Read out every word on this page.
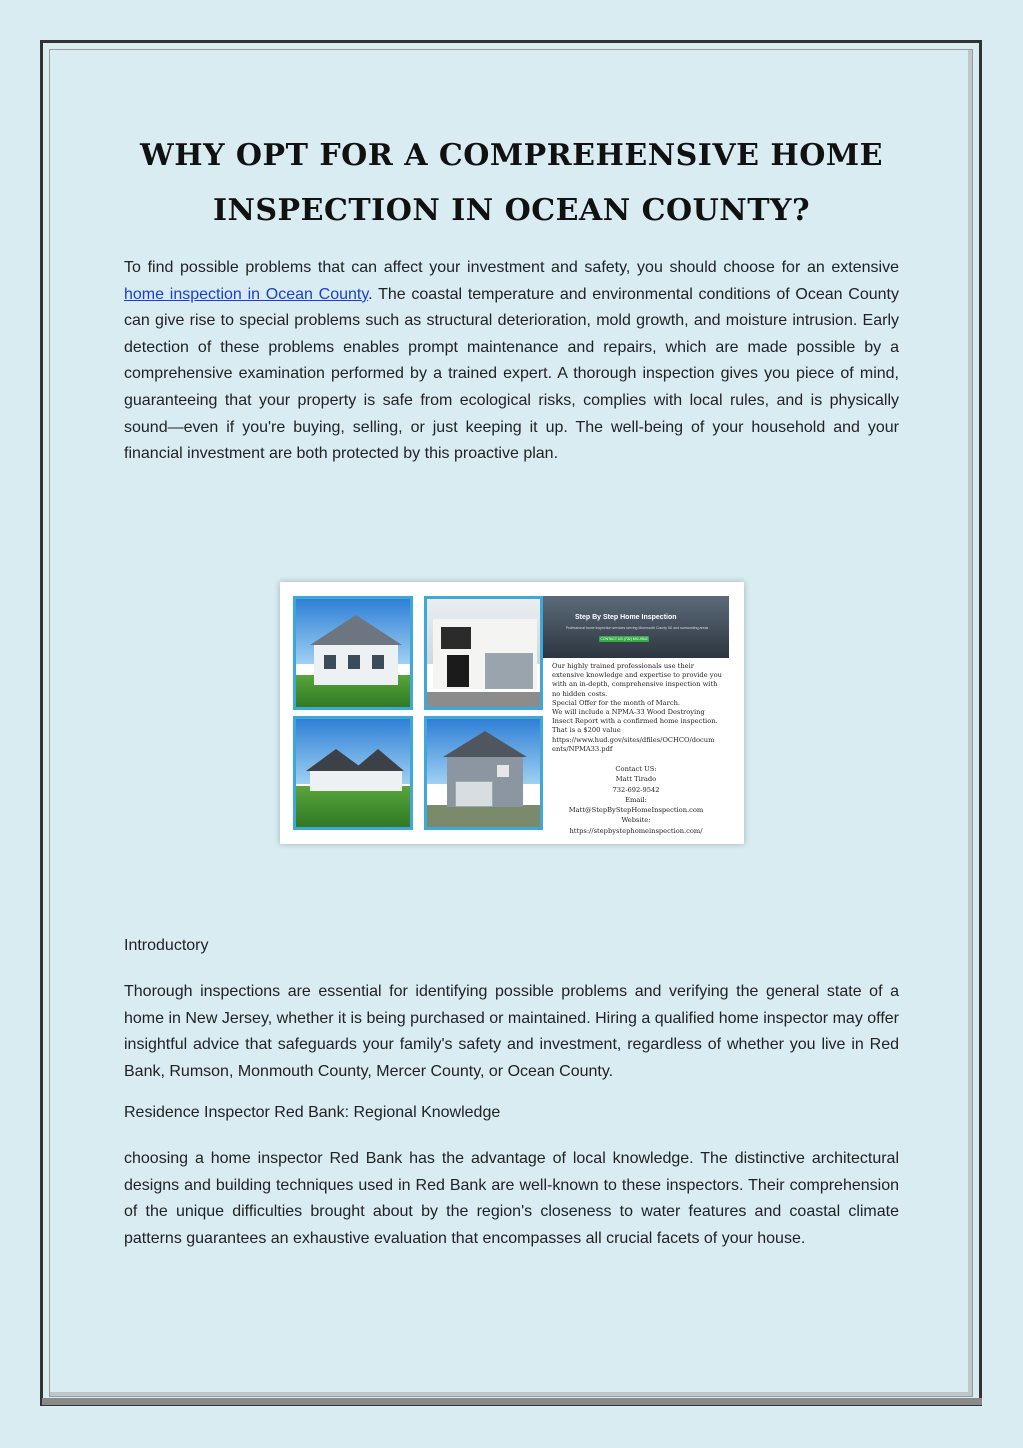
WHY OPT FOR A COMPREHENSIVE HOME INSPECTION IN OCEAN COUNTY?

To find possible problems that can affect your investment and safety, you should choose for an extensive home inspection in Ocean County. The coastal temperature and environmental conditions of Ocean County can give rise to special problems such as structural deterioration, mold growth, and moisture intrusion. Early detection of these problems enables prompt maintenance and repairs, which are made possible by a comprehensive examination performed by a trained expert. A thorough inspection gives you piece of mind, guaranteeing that your property is safe from ecological risks, complies with local rules, and is physically sound—even if you're buying, selling, or just keeping it up. The well-being of your household and your financial investment are both protected by this proactive plan.

Step By Step Home Inspection
Professional home inspection services serving Monmouth County NJ and surrounding areas
CONTACT US (732) 692-9542
Our highly trained professionals use their
extensive knowledge and expertise to provide you
with an in-depth, comprehensive inspection with
no hidden costs.
Special Offer for the month of March.
We will include a NPMA-33 Wood Destroying
Insect Report with a confirmed home inspection.
That is a $200 value
https://www.hud.gov/sites/dfiles/OCHCO/docum
ents/NPMA33.pdf
Contact US:
Matt Tirado
732-692-9542
Email:
Matt@StepByStepHomeInspection.com
Website:
https://stepbystephomeinspection.com/

Introductory

Thorough inspections are essential for identifying possible problems and verifying the general state of a home in New Jersey, whether it is being purchased or maintained. Hiring a qualified home inspector may offer insightful advice that safeguards your family's safety and investment, regardless of whether you live in Red Bank, Rumson, Monmouth County, Mercer County, or Ocean County.

Residence Inspector Red Bank: Regional Knowledge

choosing a home inspector Red Bank has the advantage of local knowledge. The distinctive architectural designs and building techniques used in Red Bank are well-known to these inspectors. Their comprehension of the unique difficulties brought about by the region's closeness to water features and coastal climate patterns guarantees an exhaustive evaluation that encompasses all crucial facets of your house.
